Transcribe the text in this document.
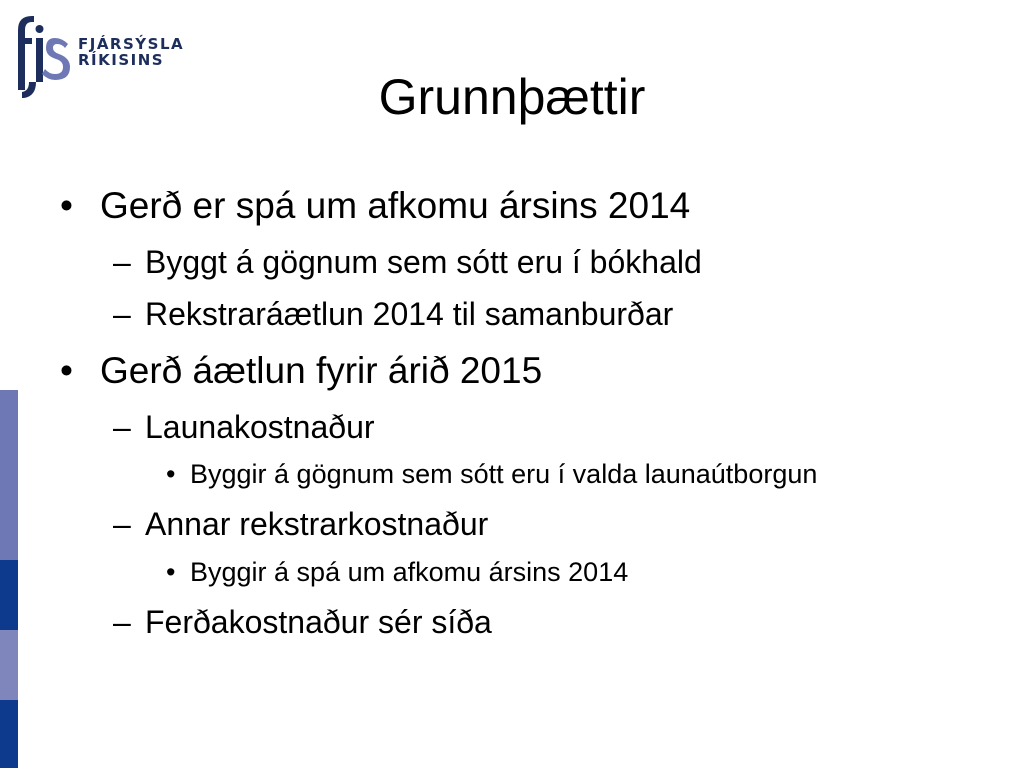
FJÁRSÝSLA
RÍKISINS
Grunnþættir
• Gerð er spá um afkomu ársins 2014
– Byggt á gögnum sem sótt eru í bókhald
– Rekstraráætlun 2014 til samanburðar
• Gerð áætlun fyrir árið 2015
– Launakostnaður
• Byggir á gögnum sem sótt eru í valda launaútborgun
– Annar rekstrarkostnaður
• Byggir á spá um afkomu ársins 2014
– Ferðakostnaður sér síða
